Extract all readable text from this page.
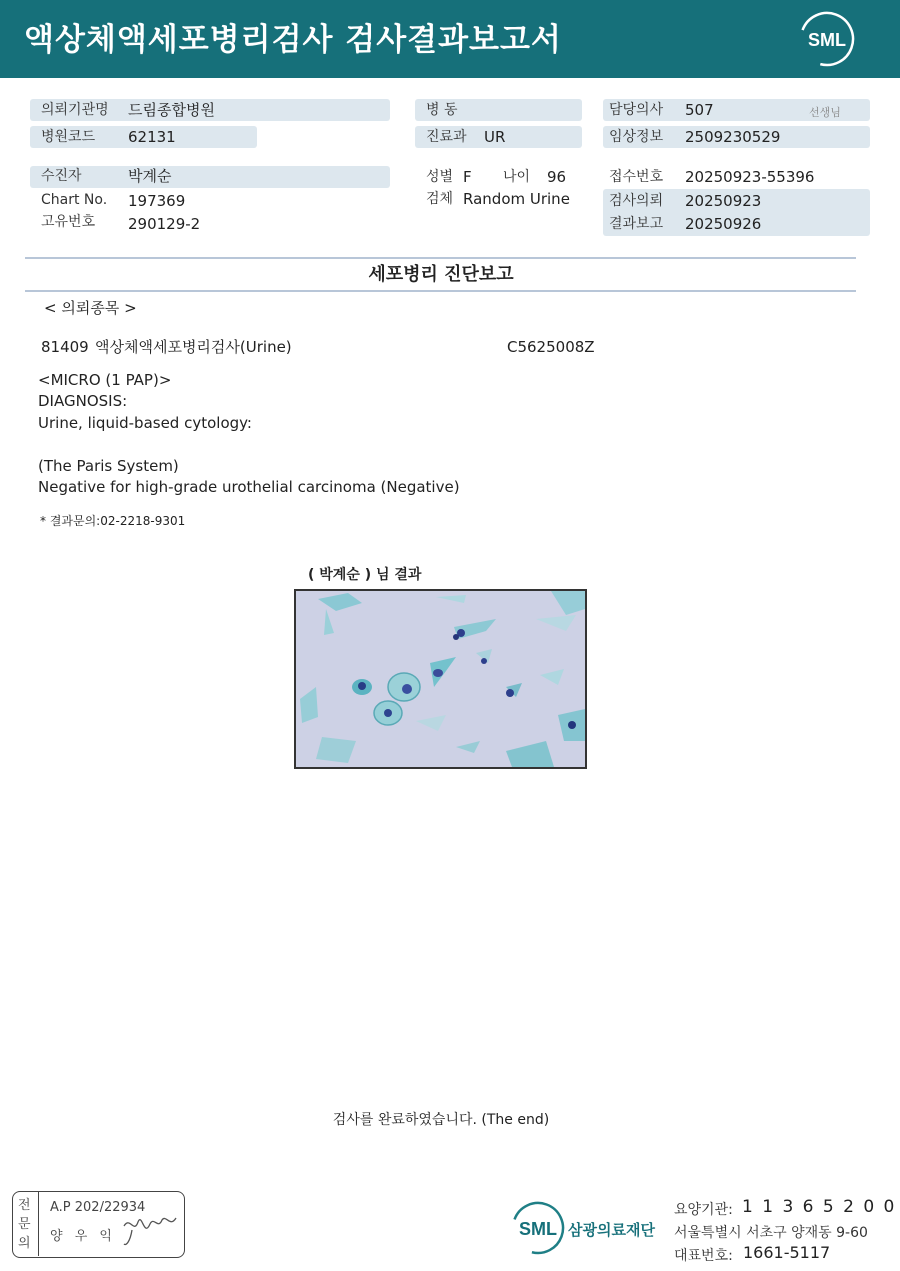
액상체액세포병리검사 검사결과보고서	SML
의뢰기관명 드림종합병원
병원코드 62131
수진자	박계순
Chart No. 197369
고유번호 290129-2
병 동
진료과 UR
성별 F 나이 96
검체 Random Urine
담당의사 507	선생님
임상정보 2509230529
접수번호 20250923-55396
검사의뢰 20250923
결과보고 20250926
세포병리 진단보고
< 의뢰종목 >
81409 액상체액세포병리검사(Urine)	C5625008Z
<MICRO (1 PAP)>
DIAGNOSIS:
Urine, liquid-based cytology:
(The Paris System)
Negative for high-grade urothelial carcinoma (Negative)
* 결과문의:02-2218-9301
( 박계순 ) 님 결과
검사를 완료하였습니다. (The end)
전
문
의
A.P 202/22934
양 우 익	SML 삼광의료재단
요양기관: 1 1 3 6 5 2 0 0
서울특별시 서초구 양재동 9-60
대표번호: 1661-5117
